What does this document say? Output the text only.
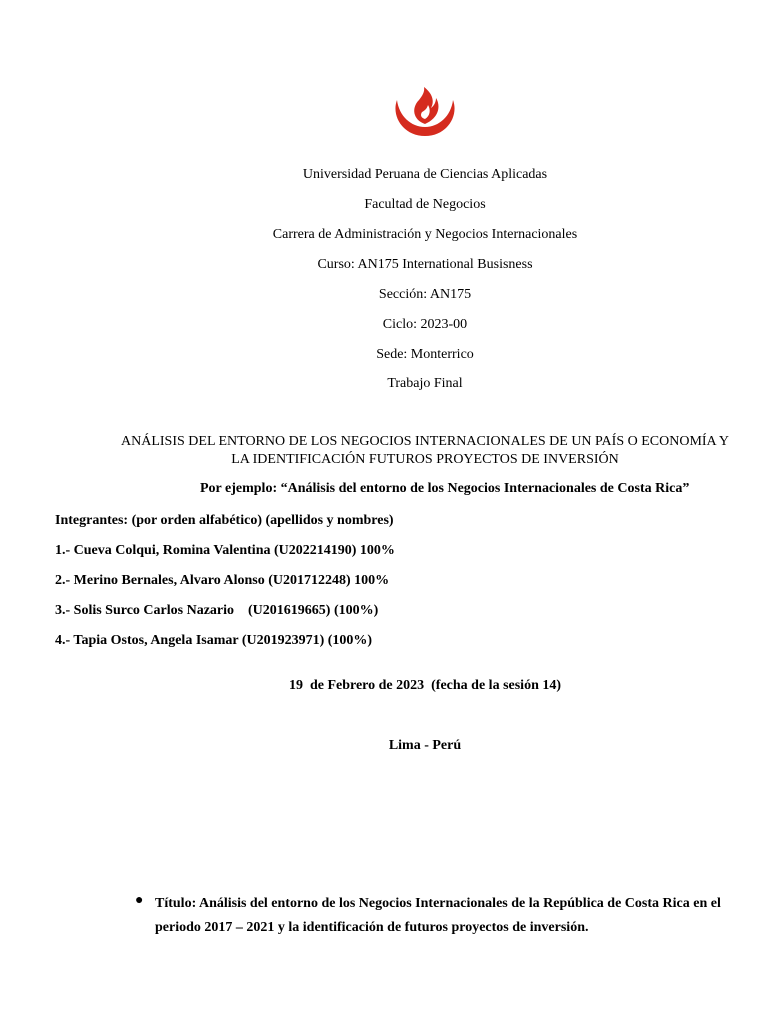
Universidad Peruana de Ciencias Aplicadas
Facultad de Negocios
Carrera de Administración y Negocios Internacionales
Curso: AN175 International Busisness
Sección: AN175
Ciclo: 2023-00
Sede: Monterrico
Trabajo Final
ANÁLISIS DEL ENTORNO DE LOS NEGOCIOS INTERNACIONALES DE UN PAÍS O ECONOMÍA Y
LA IDENTIFICACIÓN FUTUROS PROYECTOS DE INVERSIÓN
Por ejemplo: “Análisis del entorno de los Negocios Internacionales de Costa Rica”
Integrantes: (por orden alfabético) (apellidos y nombres)
1.- Cueva Colqui, Romina Valentina (U202214190) 100%
2.- Merino Bernales, Alvaro Alonso (U201712248) 100%
3.- Solis Surco Carlos Nazario    (U201619665) (100%)
4.- Tapia Ostos, Angela Isamar (U201923971) (100%)
19  de Febrero de 2023  (fecha de la sesión 14)
Lima - Perú
● Título: Análisis del entorno de los Negocios Internacionales de la República de Costa Rica en el periodo 2017 – 2021 y la identificación de futuros proyectos de inversión.
